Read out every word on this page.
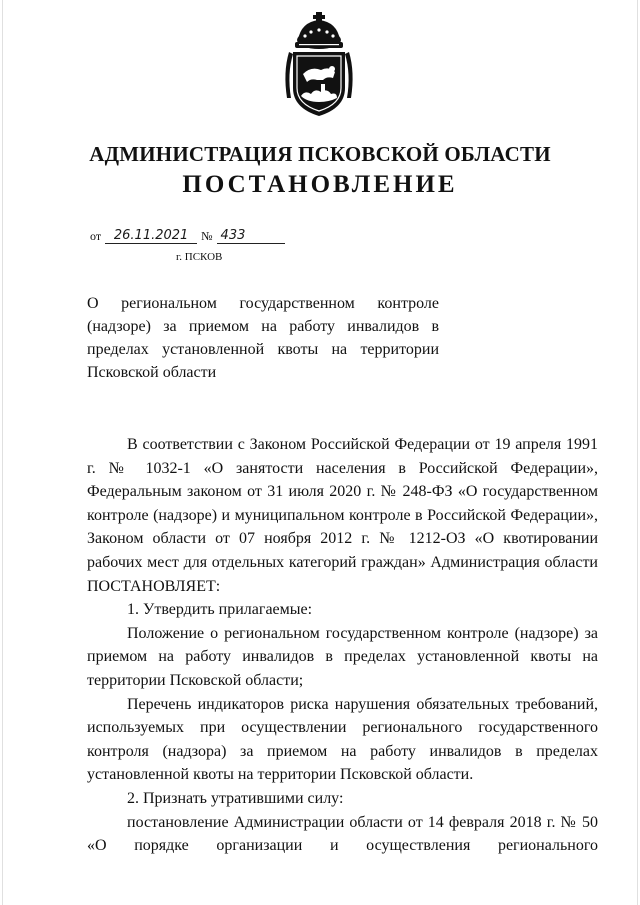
АДМИНИСТРАЦИЯ ПСКОВСКОЙ ОБЛАСТИ
ПОСТАНОВЛЕНИЕ
от 26.11.2021	№ 433
г. ПСКОВ
О региональном государственном контроле (надзоре) за приемом на работу инвалидов в пределах установленной квоты на территории Псковской области

В соответствии с Законом Российской Федерации от 19 апреля 1991 г. № 1032-1 «О занятости населения в Российской Федерации», Федеральным законом от 31 июля 2020 г. № 248-ФЗ «О государственном контроле (надзоре) и муниципальном контроле в Российской Федерации», Законом области от 07 ноября 2012 г. № 1212-ОЗ «О квотировании рабочих мест для отдельных категорий граждан» Администрация области ПОСТАНОВЛЯЕТ:

1. Утвердить прилагаемые:

Положение о региональном государственном контроле (надзоре) за приемом на работу инвалидов в пределах установленной квоты на территории Псковской области;

Перечень индикаторов риска нарушения обязательных требований, используемых при осуществлении регионального государственного контроля (надзора) за приемом на работу инвалидов в пределах установленной квоты на территории Псковской области.

2. Признать утратившими силу:

постановление Администрации области от 14 февраля 2018 г. № 50 «О порядке организации и осуществления регионального
